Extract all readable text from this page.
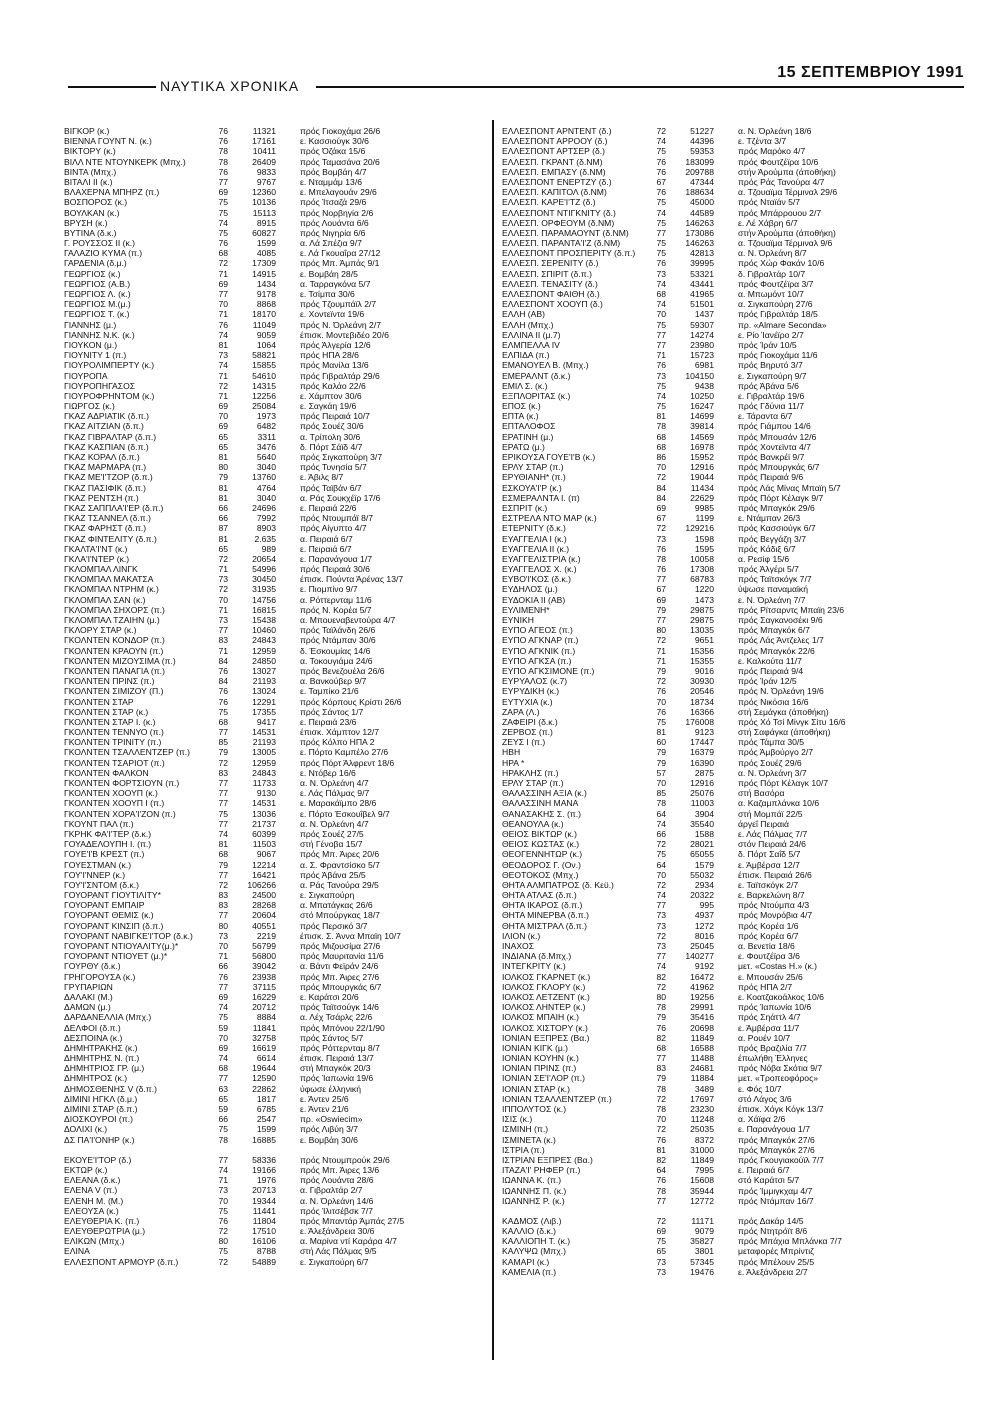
ΝΑΥΤΙΚΑ ΧΡΟΝΙΚΑ
15 ΣΕΠΤΕΜΒΡΙΟΥ 1991
ΒΙΓΚΟΡ (κ.)	76	11321	πρός Γιοκοχάμα 26/6
ΒΙΕΝΝΑ ΓΟΥΝΤ Ν. (κ.)	76	17161	ε. Κασσιούγκ 30/6
ΒΙΚΤΟΡΥ (κ.)	78	10411	πρός Όζάκα 15/6
ΒΙΛΛ ΝΤΕ ΝΤΟΥΝΚΕΡΚ (Μπχ.)	78	26409	πρός Ταμασάνα 20/6
ΒΙΝΤΑ (Μπχ.)	76	9833	πρός Βομβάη 4/7
ΒΙΤΑΛΙ ΙΙ (κ.)	77	9767	ε. Νταμμάμ 13/6
ΒΛΑΧΕΡΝΑ ΜΠΗΡΖ (π.)	69	12360	ε. Μπελαγουάν 29/6
ΒΟΣΠΟΡΟΣ (κ.)	75	10136	πρός Ίτσαζά 29/6
ΒΟΥΛΚΑΝ (κ.)	75	15113	πρός Νορβηγία 2/6
ΒΡΥΣΗ (κ.)	74	8915	πρός Λουάντα 6/6
ΒΥΤΙΝΑ (δ.κ.)	75	60827	πρός Νιγηρία 6/6
Γ. ΡΟΥΣΣΟΣ ΙΙ (κ.)	76	1599	α. Λά Σπέζια 9/7
ΓΑΛΑΖΙΟ ΚΥΜΑ (π.)	68	4085	ε. Λά Γκουαΐρα 27/12
ΓΑΡΔΕΝΙΑ (δ.μ.)	72	17309	πρός Μπ. Άμπάς 9/1
ΓΕΩΡΓΙΟΣ (κ.)	71	14915	ε. Βομβάη 28/5
ΓΕΩΡΓΙΟΣ (Α.Β.)	69	1434	α. Ταρραγκόνα 5/7
ΓΕΩΡΓΙΟΣ Λ. (κ.)	77	9178	ε. Τσίμπα 30/6
ΓΕΩΡΓΙΟΣ Μ.(μ.)	70	8868	πρός Τζουμπάϊλ 2/7
ΓΕΩΡΓΙΟΣ Τ. (κ.)	71	18170	ε. Χοντεϊντα 19/6
ΓΙΑΝΝΗΣ (μ.)	76	11049	πρός Ν. Όρλεάνη 2/7
ΓΙΑΝΝΗΣ Ν.Κ. (κ.)	74	9059	έπισκ. Μοντεβιδέο 20/6
ΓΙΟΥΚΟΝ (μ.)	81	1064	πρός Άλγερία 12/6
ΓΙΟΥΝΙΤΥ 1 (π.)	73	58821	πρός ΗΠΑ 28/6
ΓΙΟΥΡΟΛΙΜΠΕΡΤΥ (κ.)	74	15855	πρός Μανίλα 13/6
ΓΙΟΥΡΟΠΑ	71	54610	πρός Γιβραλτάρ 29/6
ΓΙΟΥΡΟΠΗΓΑΣΟΣ	72	14315	πρός Καλάο 22/6
ΓΙΟΥΡΟΦΡΗΝΤΟΜ (κ.)	71	12256	ε. Χάμπτον 30/6
ΓΙΩΡΓΟΣ (κ.)	69	25084	ε. Σαγκάη 19/6
ΓΚΑΖ ΑΔΡΙΑΤΙΚ (δ.π.)	70	1973	πρός Πειραιά 10/7
ΓΚΑΖ ΑΙΤΖΙΑΝ (δ.π.)	69	6482	πρός Σουέζ 30/6
ΓΚΑΖ ΓΙΒΡΑΛΤΑΡ (δ.π.)	65	3311	α. Τρίπολη 30/6
ΓΚΑΖ ΚΑΣΠΙΑΝ (δ.π.)	65	3476	δ. Πόρτ Σάϊδ 4/7
ΓΚΑΖ ΚΟΡΑΛ (δ.π.)	81	5640	πρός Σιγκαπούρη 3/7
ΓΚΑΖ ΜΑΡΜΑΡΑ (π.)	80	3040	πρός Τυνησία 5/7
ΓΚΑΖ ΜΕ'Ι'ΤΖΟΡ (δ.π.)	79	13760	ε. Άβιλς 8/7
ΓΚΑΖ ΠΑΣΙΦΙΚ (δ.π.)	81	4764	πρός Ταϊβάν 6/7
ΓΚΑΖ ΡΕΝΤΣΗ (π.)	81	3040	α. Ράς Σουκχέϊρ 17/6
ΓΚΑΖ ΣΑΠΠΛΑ'Ι'ΕΡ (δ.π.)	66	24696	ε. Πειραιά 22/6
ΓΚΑΖ ΤΣΑΝΝΕΛ (δ.π.)	66	7992	πρός Ντουμπάϊ 8/7
ΓΚΑΖ ΦΑΡΗΣΤ (δ.π.)	87	8903	πρός Αίγυπτο 4/7
ΓΚΑΖ ΦΙΝΤΕΛΙΤΥ (δ.π.)	81	2.635	α. Πειραιά 6/7
ΓΚΑΛΤΑ'Ι'ΝΤ (κ.)	65	989	ε. Πειραιά 6/7
ΓΚΛΑ'Ι'ΝΤΕΡ (κ.)	72	20654	ε. Παρανάγουα 1/7
ΓΚΛΟΜΠΑΛ ΛΙΝΓΚ	71	54996	πρός Πειραιά 30/6
ΓΚΛΟΜΠΑΛ ΜΑΚΑΤΣΑ	73	30450	έπισκ. Πούντα Άρένας 13/7
ΓΚΛΟΜΠΑΛ ΝΤΡΗΜ (κ.)	72	31935	ε. Πιομπίνο 9/7
ΓΚΛΟΜΠΑΛ ΣΑΝ (κ.)	70	14756	α. Ρόττερνταμ 11/6
ΓΚΛΟΜΠΑΛ ΣΗΧΟΡΣ (π.)	71	16815	πρός Ν. Κορέα 5/7
ΓΚΛΟΜΠΑΛ ΤΖΑΙΗΝ (μ.)	73	15438	α. Μπουεναβεντούρα 4/7
ΓΚΛΟΡΥ ΣΤΑΡ (κ.)	77	10460	πρός Ταϊλάνδη 26/6
ΓΚΟΛΝΤΕΝ ΚΟΝΔΟΡ (π.)	83	24843	πρός Ντάμπαν 30/6
ΓΚΟΛΝΤΕΝ ΚΡΑΟΥΝ (π.)	71	12959	δ. Έσκουμίας 14/6
ΓΚΟΛΝΤΕΝ ΜΙΖΟΥΣΙΜΑ (π.)	84	24850	α. Τοκουγιάμα 24/6
ΓΚΟΛΝΤΕΝ ΠΑΝΑΓΙΑ (π.)	76	13027	πρός Βενεζουέλα 26/6
ΓΚΟΛΝΤΕΝ ΠΡΙΝΣ (π.)	84	21193	α. Βανκούβερ 9/7
ΓΚΟΛΝΤΕΝ ΣΙΜΙΖΟΥ (Π.)	76	13024	ε. Ταμπίκο 21/6
ΓΚΟΛΝΤΕΝ ΣΤΑΡ	76	12291	πρός Κόρπους Κρίστι 26/6
ΓΚΟΛΝΤΕΝ ΣΤΑΡ (κ.)	75	17355	πρός Σάντος 1/7
ΓΚΟΛΝΤΕΝ ΣΤΑΡ Ι. (κ.)	68	9417	ε. Πειραιά 23/6
ΓΚΟΛΝΤΕΝ ΤΕΝΝΥΟ (π.)	77	14531	έπισκ. Χάμπτον 12/7
ΓΚΟΛΝΤΕΝ ΤΡΙΝΙΤΥ (π.)	85	21193	πρός Κόλπο ΗΠΑ 2
ΓΚΟΛΝΤΕΝ ΤΣΑΛΛΕΝΤΖΕΡ (π.)	79	13005	ε. Πόρτο Καμπέλο 27/6
ΓΚΟΛΝΤΕΝ ΤΣΑΡΙΟΤ (π.)	72	12959	πρός Πόρτ Άλφρεντ 18/6
ΓΚΟΛΝΤΕΝ ΦΑΛΚΟΝ	83	24843	ε. Ντόβερ 16/6
ΓΚΟΛΝΤΕΝ ΦΟΡΤΣΙΟΥΝ (π.)	77	11733	α. Ν. Όρλεάνη 4/7
ΓΚΟΛΝΤΕΝ ΧΟΟΥΠ (κ.)	77	9130	ε. Λάς Πάλμας 9/7
ΓΚΟΛΝΤΕΝ ΧΟΟΥΠ Ι (π.)	77	14531	ε. Μαρακάϊμπο 28/6
ΓΚΟΛΝΤΕΝ ΧΟΡΑ'Ι'ΖΟΝ (π.)	75	13036	ε. Πόρτο Έσκουΐβελ 9/7
ΓΚΟΥΝΤ ΠΑΛ (π.)	77	21737	α. Ν. Όρλεάνη 4/7
ΓΚΡΗΚ ΦΑ'Ι'ΤΕΡ (δ.κ.)	74	60399	πρός Σουέζ 27/5
ΓΟΥΑΔΕΛΟΥΠΗ Ι. (π.)	81	11503	στή Γένοβα 15/7
ΓΟΥΕ'Ι'Β ΚΡΕΣΤ (π.)	68	9067	πρός Μπ. Άιρες 20/6
ΓΟΥΕΣΤΜΑΝ (κ.)	79	12214	α. Σ. Φραντσίσκο 5/7
ΓΟΥ'Ι'ΝΝΕΡ (κ.)	77	16421	πρός Άβάνα 25/5
ΓΟΥ'Ι'ΣΝΤΟΜ (δ.κ.)	72	106266	α. Ράς Τανούρα 29/5
ΓΟΥΟΡΑΝΤ ΓΙΟΥΤΙΛΙΤΥ*	83	24500	ε. Σιγκαπούρη
ΓΟΥΟΡΑΝΤ ΕΜΠΑΙΡ	83	28268	α. Μπατάγκας 26/6
ΓΟΥΟΡΑΝΤ ΘΕΜΙΣ (κ.)	77	20604	στό Μπούργκας 18/7
ΓΟΥΟΡΑΝΤ ΚΙΝΣΙΠ (δ.π.)	80	40551	πρός Περσικό 3/7
ΓΟΥΟΡΑΝΤ ΝΑΒΙΓΚΕ'Ι'ΤΟΡ (δ.κ.)	73	2219	έπισκ. Σ. Άννα Μπαϊη 10/7
ΓΟΥΟΡΑΝΤ ΝΤΙΟΥΑΛΙΤΥ(μ.)*	70	56799	πρός Μιζουσίμα 27/6
ΓΟΥΟΡΑΝΤ ΝΤΙΟΥΕΤ (μ.)*	71	56800	πρός Μαυριτανία 11/6
ΓΟΥΡΘΥ (δ.κ.)	66	39042	α. Βάντι Φεϊράν 24/6
ΓΡΗΓΟΡΟΥΣΑ (κ.)	76	23938	πρός Μπ. Άιρες 27/6
ΓΡΥΠΑΡΙΩΝ	77	37115	πρός Μπουργκάς 6/7
ΔΑΛΑΚΙ (Μ.)	69	16229	ε. Καράτσι 20/6
ΔΑΜΩΝ (μ.)	74	20712	πρός Ταϊτσούγκ 14/6
ΔΑΡΔΑΝΕΛΛΙΑ (Μπχ.)	75	8884	α. Λέχ Τσάρλς 22/6
ΔΕΛΦΟΙ (δ.π.)	59	11841	πρός Μπόνου 22/1/90
ΔΕΣΠΟΙΝΑ (κ.)	70	32758	πρός Σάντος 5/7
ΔΗΜΗΤΡΑΚΗΣ (κ.)	69	16619	πρός Ρόττερνταμ 8/7
ΔΗΜΗΤΡΗΣ Ν. (π.)	74	6614	έπισκ. Πειραιά 13/7
ΔΗΜΗΤΡΙΟΣ ΓΡ. (μ.)	68	19644	στή Μπαγκόκ 20/3
ΔΗΜΗΤΡΟΣ (κ.)	77	12590	πρός Ίαπωνία 19/6
ΔΗΜΟΣΘΕΝΗΣ V (δ.π.)	63	22862	ύφωσε έλληνική
ΔΙΜΙΝΙ ΗΓΚΛ (δ.μ.)	65	1817	ε. Άντεν 25/6
ΔΙΜΙΝΙ ΣΤΑΡ (δ.π.)	59	6785	ε. Άντεν 21/6
ΔΙΟΣΚΟΥΡΟΙ (π.)	66	2547	πρ. «Oswiecim»
ΔΟΛΙΧΙ (κ.)	75	1599	πρός Λιβύη 3/7
ΔΣ ΠΑ'Ι'ΟΝΗΡ (κ.)	78	16885	ε. Βομβάη 30/6
ΕΚΟΥΕ'Ι'ΤΟΡ (δ.)	77	58336	πρός Ντουμπρούκ 29/6
ΕΚΤΩΡ (κ.)	74	19166	πρός Μπ. Άιρες 13/6
ΕΛΕΑΝΑ (δ.κ.)	71	1976	πρός Λουάντα 28/6
ΕΛΕΝΑ V (π.)	73	20713	α. Γιβραλτάρ 2/7
ΕΛΕΝΗ Μ. (Μ.)	70	19344	α. Ν. Όρλεάνη 14/6
ΕΛΕΟΥΣΑ (κ.)	75	11441	πρός Ίλιτσέβσκ 7/7
ΕΛΕΥΘΕΡΙΑ Κ. (π.)	76	11804	πρός Μπαντάρ Άμπάς 27/5
ΕΛΕΥΘΕΡΩΤΡΙΑ (μ.)	72	17510	ε. Άλεξάνδρεια 30/6
ΕΛΙΚΩΝ (Μπχ.)	80	16106	α. Μαρίνα ντί Καράρα 4/7
ΕΛΙΝΑ	75	8788	στή Λάς Πάλμας 9/5
ΕΛΛΕΣΠΟΝΤ ΑΡΜΟΥΡ (δ.π.)	72	54889	ε. Σιγκαπούρη 6/7
ΕΛΛΕΣΠΟΝΤ ΑΡΝΤΕΝΤ (δ.)	72	51227	α. Ν. Όρλεάνη 18/6
ΕΛΛΕΣΠΟΝΤ ΑΡΡΟΟΥ (δ.)	74	44396	ε. Τζέντα 3/7
ΕΛΛΕΣΠΟΝΤ ΑΡΤΣΕΡ (δ.)	75	59353	πρός Μαρόκο 4/7
ΕΛΛΕΣΠ. ΓΚΡΑΝΤ (δ.ΝΜ)	76	183099	πρός Φουτζέϊρα 10/6
ΕΛΛΕΣΠ. ΕΜΠΑΣΥ (δ.ΝΜ)	76	209788	στήν Άρούμπα (άποθήκη)
ΕΛΛΕΣΠΟΝΤ ΕΝΕΡΤΖΥ (δ.)	67	47344	πρός Ράς Τανούρα 4/7
ΕΛΛΕΣΠ. ΚΑΠΙΤΟΛ (δ.ΝΜ)	76	188634	α. Τζουαϊμα Τέρμιναλ 29/6
ΕΛΛΕΣΠ. ΚΑΡΕ'Ι'ΤΖ (δ.)	75	45000	πρός Νταϊάν 5/7
ΕΛΛΕΣΠΟΝΤ ΝΤΙΓΚΝΙΤΥ (δ.)	74	44589	πρός Μπάρρουου 2/7
ΕΛΛΕΣΠ. ΟΡΦΕΟΥΜ (δ.ΝΜ)	75	146263	ε. Λέ Χάβρη 6/7
ΕΛΛΕΣΠ. ΠΑΡΑΜΑΟΥΝΤ (δ.ΝΜ)	77	173086	στήν Άρούμπα (άποθήκη)
ΕΛΛΕΣΠ. ΠΑΡΑΝΤΑ'Ι'Ζ (δ.ΝΜ)	75	146263	α. Τζουαϊμα Τέρμιναλ 9/6
ΕΛΛΕΣΠΟΝΤ ΠΡΟΣΠΕΡΙΤΥ (δ.π.)	75	42813	α. Ν. Όρλεάνη 8/7
ΕΛΛΕΣΠ. ΣΕΡΕΝΙΤΥ (δ.)	76	39995	πρός Χώρ Φακάν 10/6
ΕΛΛΕΣΠ. ΣΠΙΡΙΤ (δ.π.)	73	53321	δ. Γιβραλτάρ 10/7
ΕΛΛΕΣΠ. ΤΕΝΑΣΙΤΥ (δ.)	74	43441	πρός Φουτζέϊρα 3/7
ΕΛΛΕΣΠΟΝΤ ΦΑΙΘΗ (δ.)	68	41965	α. Μπωμόντ 10/7
ΕΛΛΕΣΠΟΝΤ ΧΟΟΥΠ (δ.)	74	51501	α. Σιγκαπούρη 27/6
ΕΛΛΗ (ΑΒ)	70	1437	πρός Γιβραλτάρ 18/5
ΕΛΛΗ (Μπχ.)	75	59307	πρ. «Almare Seconda»
ΕΛΛΙΝΑ ΙΙ (μ.7)	77	14274	ε. Ρίο Ίανέϊρο 2/7
ΕΛΜΠΕΛΛΑ IV	77	23980	πρός Ίράν 10/5
ΕΛΠΙΔΑ (π.)	71	15723	πρός Γιοκοχάμα 11/6
ΕΜΑΝΟΥΕΛ Β. (Μπχ.)	76	6981	πρός Βηρυτό 3/7
ΕΜΕΡΑΛΝΤ (δ.κ.)	73	104150	ε. Σιγκαπούρη 9/7
ΕΜΙΛ Σ. (κ.)	75	9438	πρός Άβάνα 5/6
ΕΞΠΛΟΡΙΤΑΣ (κ.)	74	10250	ε. Γιβραλτάρ 19/6
ΕΠΟΣ (κ.)	75	16247	πρός Γδύνια 11/7
ΕΠΤΑ (κ.)	81	14699	ε. Τάραντα 6/7
ΕΠΤΑΛΟΦΟΣ	78	39814	πρός Γιάμπου 14/6
ΕΡΑΤΙΝΗ (μ.)	68	14569	πρός Μπουσάν 12/6
ΕΡΑΤΩ (μ.)	68	16978	πρός Χοντεϊντα 4/7
ΕΡΙΚΟΥΣΑ ΓΟΥΕ'Ι'Β (κ.)	86	15952	πρός Βανκρέϊ 9/7
ΕΡΛΥ ΣΤΑΡ (π.)	70	12916	πρός Μπουργκάς 6/7
ΕΡΥΘΙΑΝΗ* (π.)	72	19044	πρός Πειραιά 9/6
ΕΣΚΟΥΑ'Ι'Ρ (κ.)	84	11434	πρός Λάς Μίνας Μπαϊη 5/7
ΕΣΜΕΡΑΛΝΤΑ Ι. (π)	84	22629	πρός Πόρτ Κέλαγκ 9/7
ΕΣΠΡΙΤ (κ.)	69	9985	πρός Μπαγκόκ 29/6
ΕΣΤΡΕΛΑ ΝΤΟ ΜΑΡ (κ.)	67	1199	ε. Ντάμπαν 26/3
ΕΤΕΡΝΙΤΥ (δ.κ.)	72	129216	πρός Κασσιούγκ 6/7
ΕΥΑΓΓΕΛΙΑ Ι (κ.)	73	1598	πρός Βεγγάζη 3/7
ΕΥΑΓΓΕΛΙΑ ΙΙ (κ.)	76	1595	πρός Κάδιξ 6/7
ΕΥΑΓΓΕΛΙΣΤΡΙΑ (κ.)	78	10058	α. Ρεσίφ 15/6
ΕΥΑΓΓΕΛΟΣ Χ. (κ.)	76	17308	πρός Άλγέρι 5/7
ΕΥΒΟ'Ι'ΚΟΣ (δ.κ.)	77	68783	πρός Ταϊτσκόγκ 7/7
ΕΥΔΗΛΟΣ (μ.)	67	1220	ύψωσε παναμαϊκή
ΕΥΔΟΚΙΑ ΙΙ (ΑΒ)	69	1473	ε. Ν. Όρλεάνη 7/7
ΕΥΛΙΜΕΝΗ*	79	29875	πρός Ρίτσαρντς Μπαϊη 23/6
ΕΥΝΙΚΗ	77	29875	πρός Σαγκανοσέκι 9/6
ΕΥΠΟ ΑΓΕΟΣ (π.)	80	13035	πρός Μπαγκόκ 6/7
ΕΥΠΟ ΑΓΚΝΑΡ (π.)	72	9651	πρός Λάς Άντζελες 1/7
ΕΥΠΟ ΑΓΚΝΙΚ (π.)	71	15356	πρός Μπαγκόκ 22/6
ΕΥΠΟ ΑΓΚΣΑ (π.)	71	15355	ε. Καλκούτα 11/7
ΕΥΠΟ ΑΓΚΣΙΜΟΝΕ (π.)	79	9016	πρός Πειραιά 9/4
ΕΥΡΥΑΛΟΣ (κ.7)	72	30930	πρός Ίράν 12/5
ΕΥΡΥΔΙΚΗ (κ.)	76	20546	πρός Ν. Όρλεάνη 19/6
ΕΥΤΥΧΙΑ (κ.)	70	18734	πρός Νικόσια 16/6
ΖΑΡΑ (Λ.)	76	16366	στή Σεμάγκα (άποθήκη)
ΖΑΦΕΙΡΙ (δ.κ.)	75	176008	πρός Χό Τσί Μίνγκ Σίτυ 16/6
ΖΕΡΒΟΣ (π.)	81	9123	στή Σαφάγκα (άποθήκη)
ΖΕΥΣ Ι (π.)	60	17447	πρός Τάμπα 30/5
ΗΒΗ	79	16379	πρός Άμβούργο 2/7
ΗΡΑ *	79	16390	πρός Σουέζ 29/6
ΗΡΑΚΛΗΣ (π.)	57	2875	α. Ν. Όρλεάνη 3/7
ΕΡΛΥ ΣΤΑΡ (π.)	70	12916	πρός Πόρτ Κέλαγκ 10/7
ΘΑΛΑΣΣΙΝΗ ΑΞΙΑ (κ.)	85	25076	στή Βασόρα
ΘΑΛΑΣΣΙΝΗ ΜΑΝΑ	78	11003	α. Καζαμπλάνκα 10/6
ΘΑΝΑΣΑΚΗΣ Σ. (π.)	64	3904	στή Μομπάϊ 22/5
ΘΕΑΝΟΥΛΑ (κ.)	74	35540	άργεΐ Πειραιά
ΘΕΙΟΣ ΒΙΚΤΩΡ (κ.)	66	1588	ε. Λάς Πάλμας 7/7
ΘΕΙΟΣ ΚΩΣΤΑΣ (κ.)	72	28021	στόν Πειραιά 24/6
ΘΕΟΓΕΝΝΗΤΩΡ (κ.)	75	65055	δ. Πόρτ Σαΐδ 5/7
ΘΕΟΔΟΡΟΣ Γ. (Ον.)	64	1579	ε. Άμβέρσα 12/7
ΘΕΟΤΟΚΟΣ (Μπχ.)	70	55032	έπισκ. Πειραιά 26/6
ΘΗΤΑ ΑΛΜΠΑΤΡΟΣ (δ. Κεϋ.)	72	2934	ε. Ταϊτσκόγκ 2/7
ΘΗΤΑ ΑΤΛΑΣ (δ.π.)	74	20322	ε. Βαρκελώνη 8/7
ΘΗΤΑ ΙΚΑΡΟΣ (δ.π.)	77	995	πρός Ντούμπα 4/3
ΘΗΤΑ ΜΙΝΕΡΒΑ (δ.π.)	73	4937	πρός Μονρόβια 4/7
ΘΗΤΑ ΜΙΣΤΡΑΛ (δ.π.)	73	1272	πρός Κορέα 1/6
ΙΛΙΟΝ (κ.)	72	8016	πρός Κορέα 6/7
ΙΝΑΧΟΣ	73	25045	α. Βενετία 18/6
ΙΝΔΙΑΝΑ (δ.Μπχ.)	77	140277	ε. Φουτζέϊρα 3/6
ΙΝΤΕΓΚΡΙΤΥ (κ.)	74	9192	μετ. «Costas H.» (κ.)
ΙΟΛΚΟΣ ΓΚΑΡΝΕΤ (κ.)	82	16472	ε. Μπουσάν 25/6
ΙΟΛΚΟΣ ΓΚΛΟΡΥ (κ.)	72	41962	πρός ΗΠΑ 2/7
ΙΟΛΚΟΣ ΛΕΤΖΕΝΤ (κ.)	80	19256	ε. Κοατζακοάλκος 10/6
ΙΟΛΚΟΣ ΛΗΝΤΕΡ (κ.)	78	29991	πρός Ίαπωνία 10/6
ΙΟΛΚΟΣ ΜΠΑΙΗ (κ.)	79	35416	πρός Σηάττλ 4/7
ΙΟΛΚΟΣ ΧΙΣΤΟΡΥ (κ.)	76	20698	ε. Άμβέρσα 11/7
ΙΟΝΙΑΝ ΕΞΠΡΕΣ (Βα.)	82	11849	α. Ρουέν 10/7
ΙΟΝΙΑΝ ΚΙΓΚ (μ.)	68	16588	πρός Βραζιλία 7/7
ΙΟΝΙΑΝ ΚΟΥΗΝ (κ.)	77	11488	έπωλήθη Έλληνες
ΙΟΝΙΑΝ ΠΡΙΝΣ (π.)	83	24681	πρός Νόβα Σκότια 9/7
ΙΟΝΙΑΝ ΣΕ'Ι'ΛΟΡ (π.)	79	11884	μετ. «Τροπεοφόρος»
ΙΟΝΙΑΝ ΣΤΑΡ (κ.)	78	3489	ε. Φός 10/7
ΙΟΝΙΑΝ ΤΣΑΛΛΕΝΤΖΕΡ (π.)	72	17697	στό Λάγος 3/6
ΙΠΠΟΛΥΤΟΣ (κ.)	78	23230	έπισκ. Χόγκ Κόγκ 13/7
ΙΣΙΣ (κ.)	70	11248	α. Χάϊφα 2/6
ΙΣΜΙΝΗ (π.)	72	25035	ε. Παρανάγουα 1/7
ΙΣΜΙΝΕΤΑ (κ.)	76	8372	πρός Μπαγκόκ 27/6
ΙΣΤΡΙΑ (π.)	81	31000	πρός Μπαγκόκ 27/6
ΙΣΤΡΙΑΝ ΕΞΠΡΕΣ (Βα.)	82	11849	πρός Γκουγιακούϊλ 7/7
ΙΤΑΖΑ'Ι' ΡΗΦΕΡ (π.)	64	7995	ε. Πειραιά 6/7
ΙΩΑΝΝΑ Κ. (π.)	76	15608	στό Καράτσι 5/7
ΙΩΑΝΝΗΣ Π. (κ.)	78	35944	πρός Ίμμιγκχαμ 4/7
ΙΩΑΝΝΗΣ Ρ. (κ.)	77	12772	πρός Ντάμπαν 16/7
ΚΑΔΜΟΣ (Λιβ.)	72	11171	πρός Δακάρ 14/5
ΚΑΛΛΙΟ (δ.κ.)	69	9079	πρός Ντητρόϊτ 8/6
ΚΑΛΛΙΟΠΗ Τ. (κ.)	75	35827	πρός Μπάχια Μπλάνκα 7/7
ΚΑΛΥΨΩ (Μπχ.)	65	3801	μεταφορές Μπρίντιζ
ΚΑΜΑΡΙ (κ.)	73	57345	πρός Μπέλουν 25/5
ΚΑΜΕΛΙΑ (π.)	73	19476	ε. Άλεξάνδρεια 2/7
